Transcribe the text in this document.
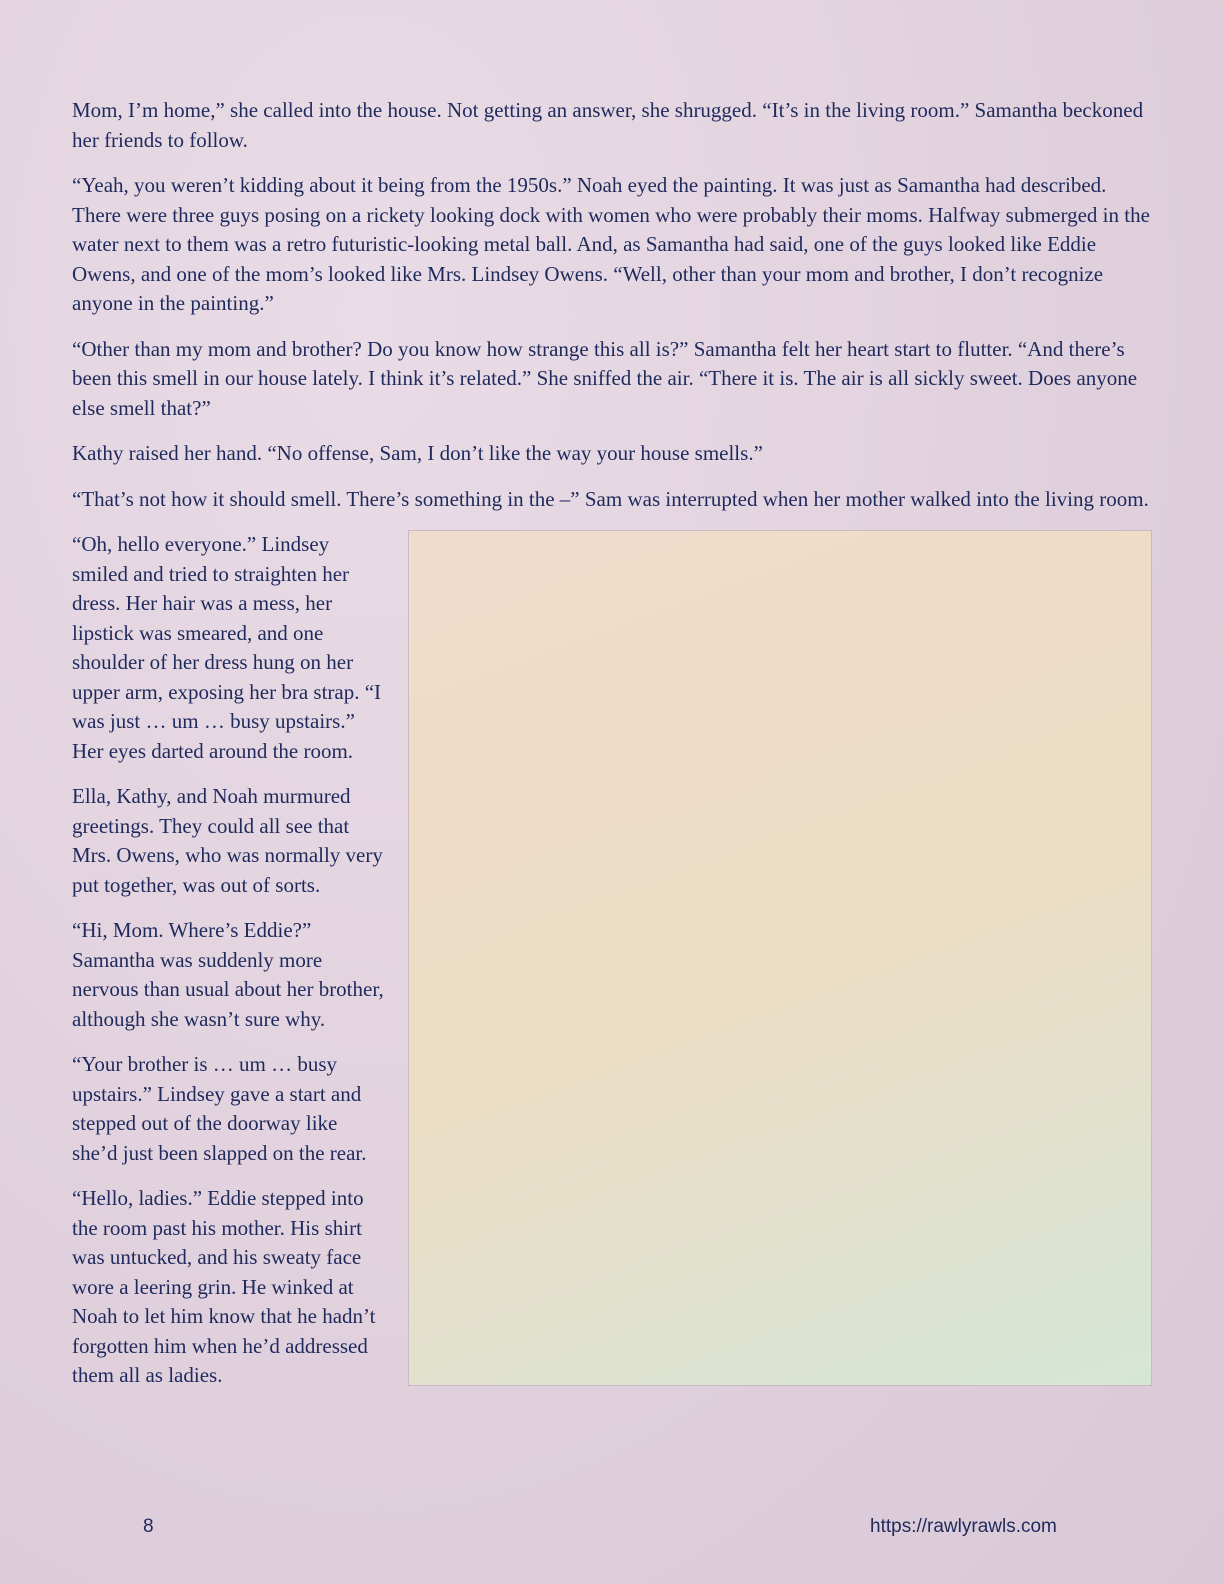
Mom, I’m home,” she called into the house. Not getting an answer, she shrugged. “It’s in the living room.” Samantha beckoned her friends to follow.

“Yeah, you weren’t kidding about it being from the 1950s.” Noah eyed the painting. It was just as Samantha had described. There were three guys posing on a rickety looking dock with women who were probably their moms. Halfway submerged in the water next to them was a retro futuristic-looking metal ball. And, as Samantha had said, one of the guys looked like Eddie Owens, and one of the mom’s looked like Mrs. Lindsey Owens. “Well, other than your mom and brother, I don’t recognize anyone in the painting.”

“Other than my mom and brother? Do you know how strange this all is?” Samantha felt her heart start to flutter. “And there’s been this smell in our house lately. I think it’s related.” She sniffed the air. “There it is. The air is all sickly sweet. Does anyone else smell that?”

Kathy raised her hand. “No offense, Sam, I don’t like the way your house smells.”

“That’s not how it should smell. There’s something in the –” Sam was interrupted when her mother walked into the living room.

“Oh, hello everyone.” Lindsey smiled and tried to straighten her dress. Her hair was a mess, her lipstick was smeared, and one shoulder of her dress hung on her upper arm, exposing her bra strap. “I was just … um … busy upstairs.” Her eyes darted around the room.

Ella, Kathy, and Noah murmured greetings. They could all see that Mrs. Owens, who was normally very put together, was out of sorts.

“Hi, Mom. Where’s Eddie?” Samantha was suddenly more nervous than usual about her brother, although she wasn’t sure why.

“Your brother is … um … busy upstairs.” Lindsey gave a start and stepped out of the doorway like she’d just been slapped on the rear.

“Hello, ladies.” Eddie stepped into the room past his mother. His shirt was untucked, and his sweaty face wore a leering grin. He winked at Noah to let him know that he hadn’t forgotten him when he’d addressed them all as ladies.

8	https://rawlyrawls.com
